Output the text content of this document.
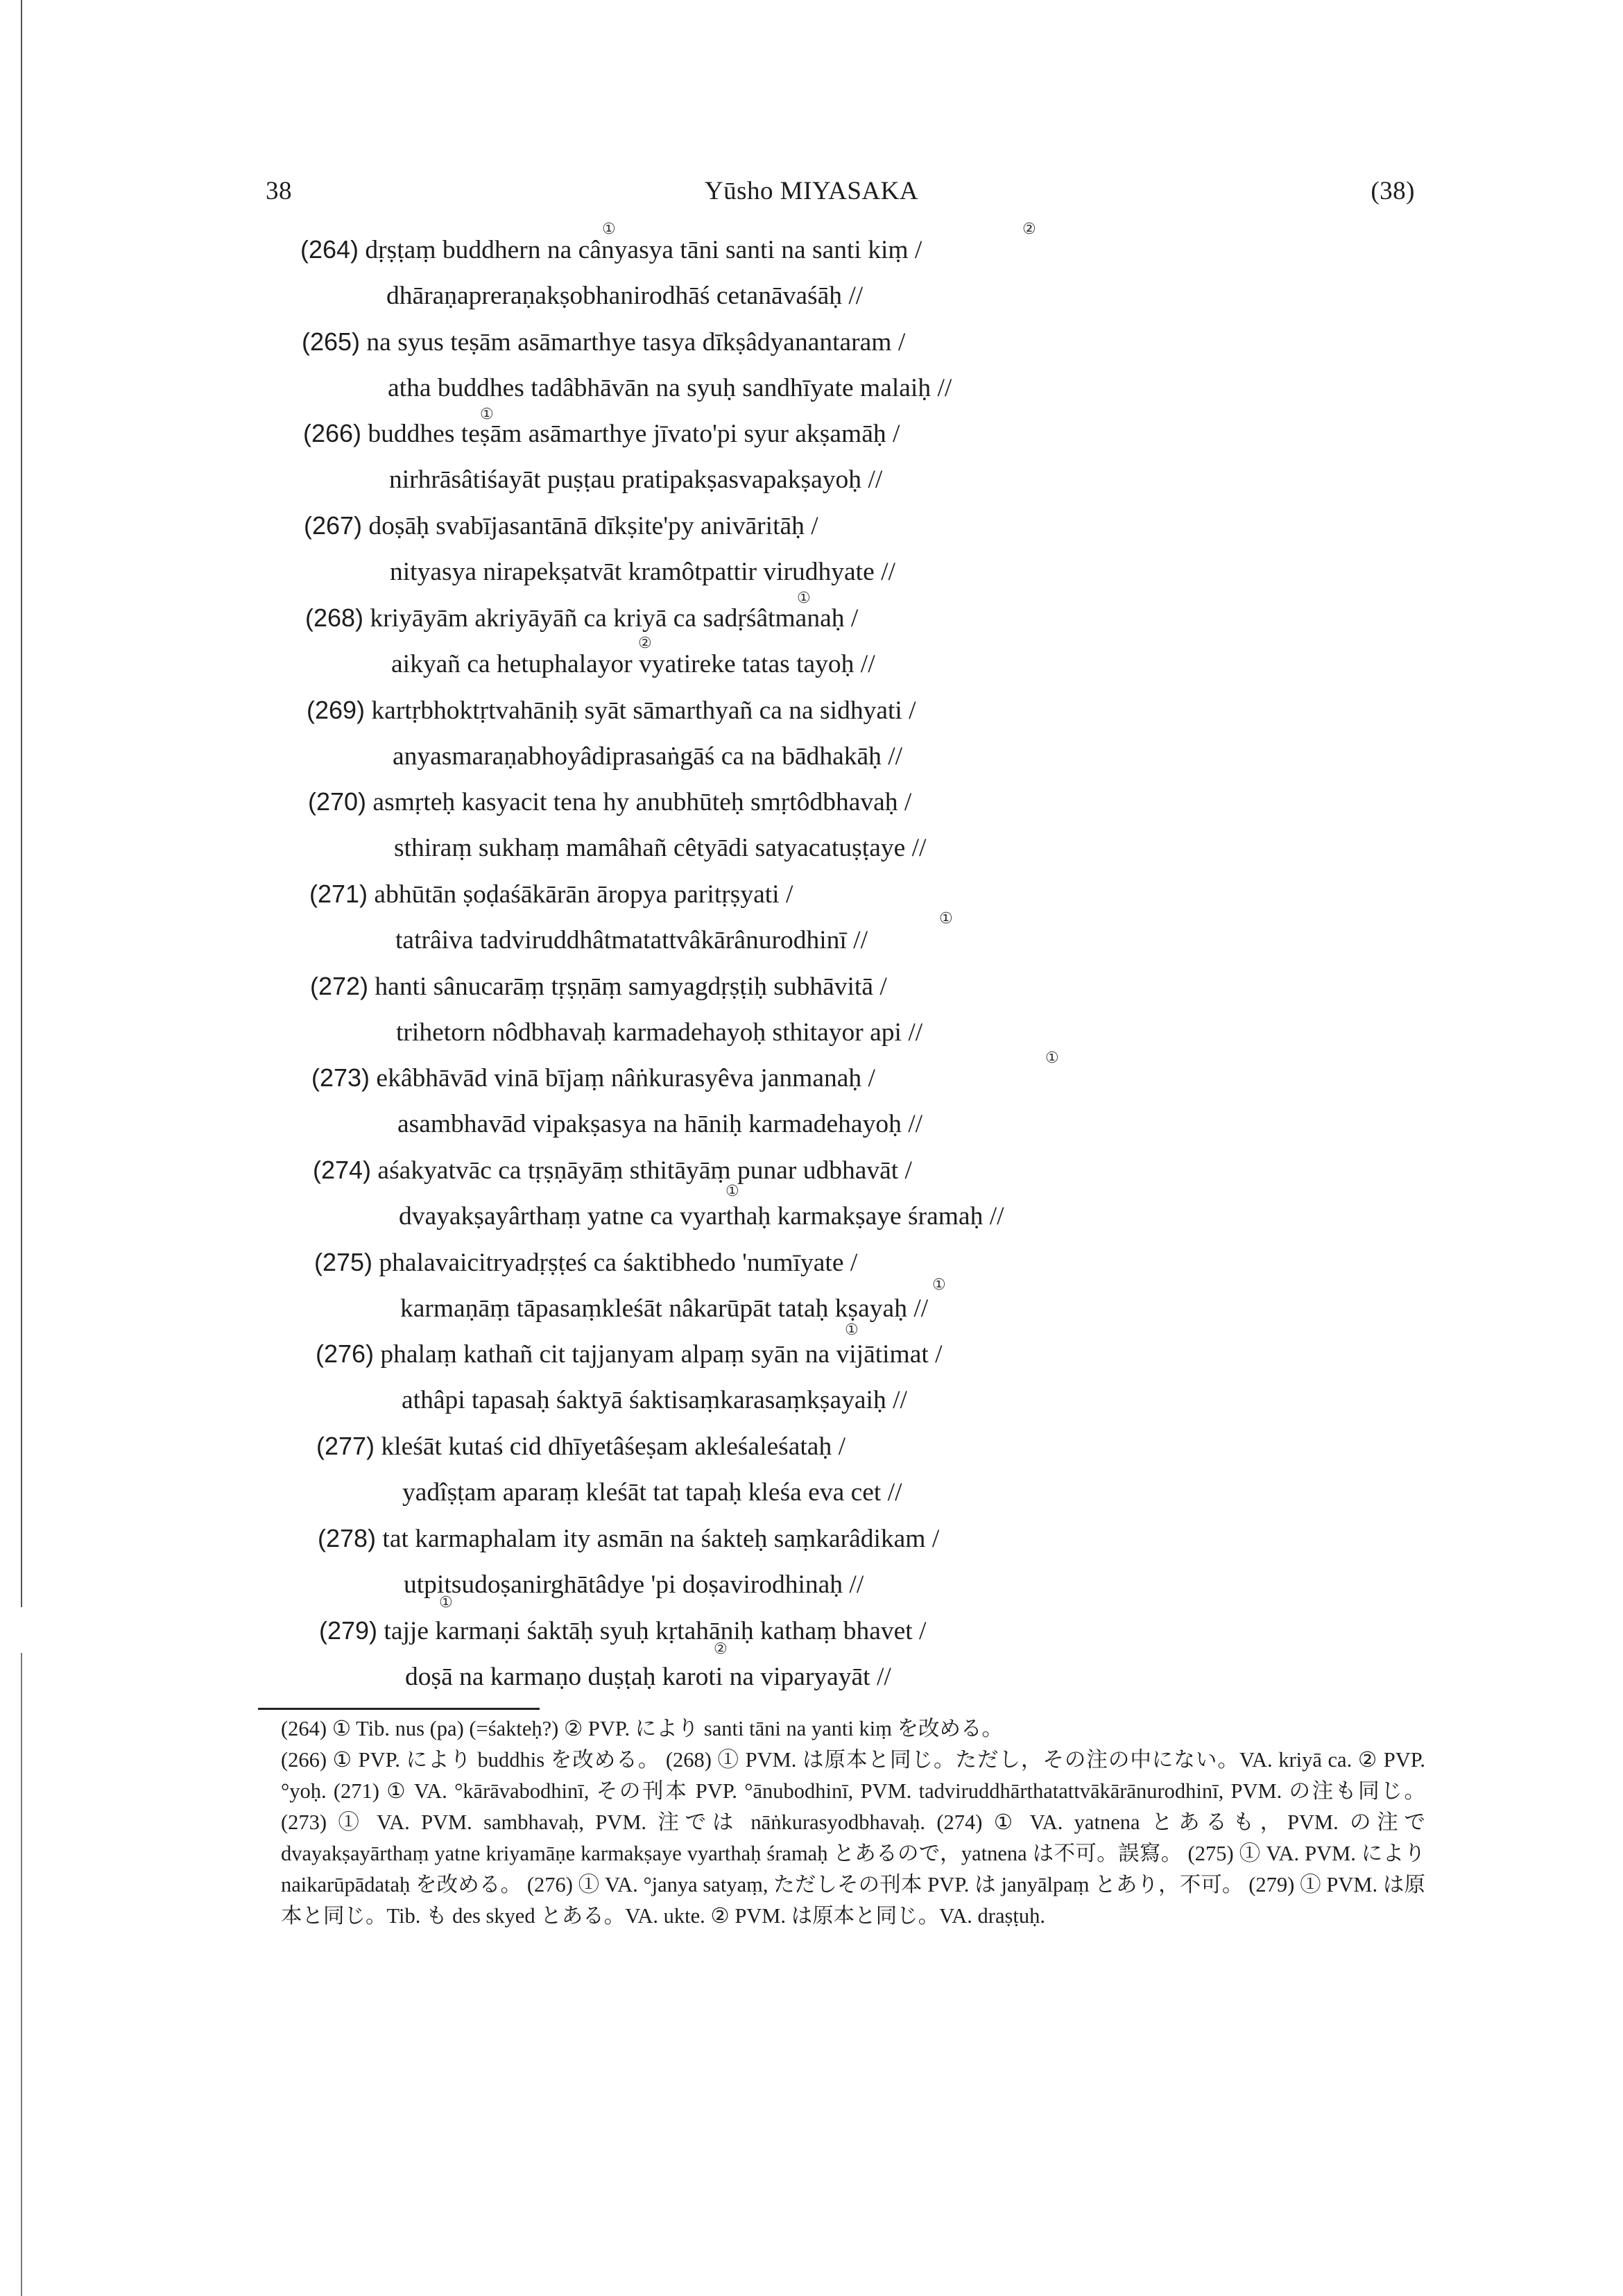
38	Yūsho MIYASAKA	(38)
(264) dṛṣṭaṃ buddhern na cânyasya tāni santi na santi kiṃ /
dhāraṇapreraṇakṣobhanirodhāś cetanāvaśāḥ //
(265) na syus teṣām asāmarthye tasya dīkṣâdyanantaram /
atha buddhes tadâbhāvān na syuḥ sandhīyate malaiḥ //
(266) buddhes teṣām asāmarthye jīvato'pi syur akṣamāḥ /
nirhrāsâtiśayāt puṣṭau pratipakṣasvapakṣayoḥ //
(267) doṣāḥ svabījasantānā dīkṣite'py anivāritāḥ /
nityasya nirapekṣatvāt kramôtpattir virudhyate //
(268) kriyāyām akriyāyāñ ca kriyā ca sadṛśâtmanaḥ /
aikyañ ca hetuphalayor vyatireke tatas tayoḥ //
(269) kartṛbhoktṛtvahāniḥ syāt sāmarthyañ ca na sidhyati /
anyasmaraṇabhoyâdiprasaṅgāś ca na bādhakāḥ //
(270) asmṛteḥ kasyacit tena hy anubhūteḥ smṛtôdbhavaḥ /
sthiraṃ sukhaṃ mamâhañ cêtyādi satyacatuṣṭaye //
(271) abhūtān ṣoḍaśākārān āropya paritṛṣyati /
tatrâiva tadviruddhâtmatattvâkārânurodhinī //
(272) hanti sânucarāṃ tṛṣṇāṃ samyagdṛṣṭiḥ subhāvitā /
trihetorn nôdbhavaḥ karmadehayoḥ sthitayor api //
(273) ekâbhāvād vinā bījaṃ nâṅkurasyêva janmanaḥ /
asambhavād vipakṣasya na hāniḥ karmadehayoḥ //
(274) aśakyatvāc ca tṛṣṇāyāṃ sthitāyāṃ punar udbhavāt /
dvayakṣayârthaṃ yatne ca vyarthaḥ karmakṣaye śramaḥ //
(275) phalavaicitryadṛṣṭeś ca śaktibhedo 'numīyate /
karmaṇāṃ tāpasaṃkleśāt nâkarūpāt tataḥ kṣayaḥ //
(276) phalaṃ kathañ cit tajjanyam alpaṃ syān na vijātimat /
athâpi tapasaḥ śaktyā śaktisaṃkarasaṃkṣayaiḥ //
(277) kleśāt kutaś cid dhīyetâśeṣam akleśaleśataḥ /
yadîṣṭam aparaṃ kleśāt tat tapaḥ kleśa eva cet //
(278) tat karmaphalam ity asmān na śakteḥ saṃkarâdikam /
utpitsudoṣanirghātâdye 'pi doṣavirodhinaḥ //
(279) tajje karmaṇi śaktāḥ syuḥ kṛtahāniḥ kathaṃ bhavet /
doṣā na karmaṇo duṣṭaḥ karoti na viparyayāt //
①	②
①
①
②
①
①
①
①
①
①
②
(264) ① Tib. nus (pa) (=śakteḥ?) ② PVP. により santi tāni na yanti kiṃ を改める。
(266) ① PVP. により buddhis を改める。 (268) ① PVM. は原本と同じ。ただし，その注の中にない。VA. kriyā ca. ② PVP. °yoḥ. (271) ① VA. °kārāvabodhinī, その刊本 PVP. °ānubodhinī, PVM. tadviruddhārthatattvākārānurodhinī, PVM. の注も同じ。 (273) ① VA. PVM. sambhavaḥ, PVM. 注では nāṅkurasyodbhavaḥ. (274) ① VA. yatnena とあるも，PVM. の注で dvayakṣayārthaṃ yatne kriyamāṇe karmakṣaye vyarthaḥ śramaḥ とあるので，yatnena は不可。誤寫。 (275) ① VA. PVM. により naikarūpādataḥ を改める。 (276) ① VA. °janya satyaṃ, ただしその刊本 PVP. は janyālpaṃ とあり，不可。 (279) ① PVM. は原本と同じ。Tib. も des skyed とある。VA. ukte. ② PVM. は原本と同じ。VA. draṣṭuḥ.
